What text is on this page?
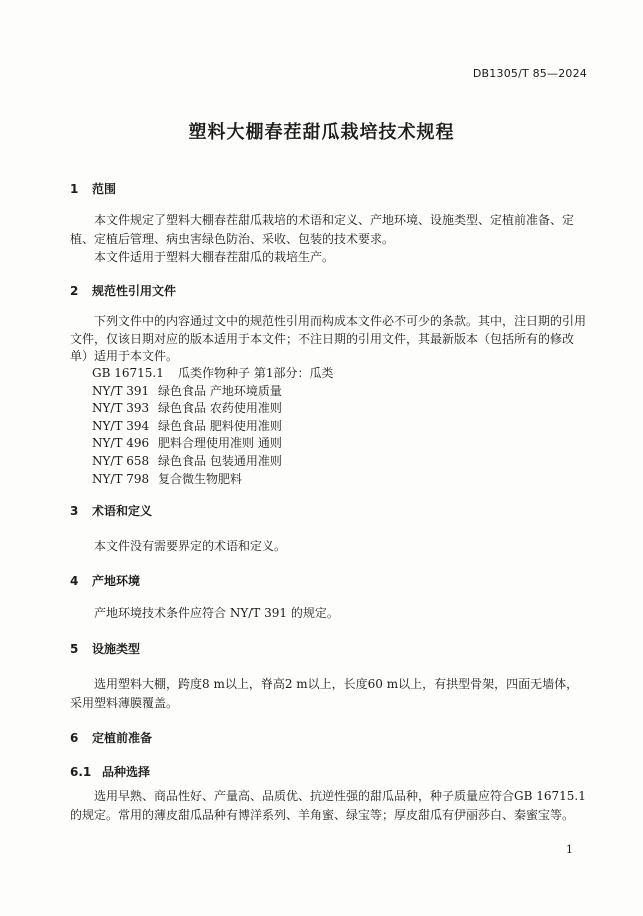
DB1305/T 85—2024
塑料大棚春茬甜瓜栽培技术规程
1	范围
本文件规定了塑料大棚春茬甜瓜栽培的术语和定义、产地环境、设施类型、定植前准备、定植、定植后管理、病虫害绿色防治、采收、包装的技术要求。
本文件适用于塑料大棚春茬甜瓜的栽培生产。
2	规范性引用文件
下列文件中的内容通过文中的规范性引用而构成本文件必不可少的条款。其中，注日期的引用文件，仅该日期对应的版本适用于本文件；不注日期的引用文件，其最新版本（包括所有的修改单）适用于本文件。
GB 16715.1	瓜类作物种子 第1部分：瓜类
NY/T 391 绿色食品 产地环境质量
NY/T 393 绿色食品 农药使用准则
NY/T 394 绿色食品 肥料使用准则
NY/T 496 肥料合理使用准则 通则
NY/T 658 绿色食品 包装通用准则
NY/T 798 复合微生物肥料
3	术语和定义
本文件没有需要界定的术语和定义。
4	产地环境
产地环境技术条件应符合 NY/T 391 的规定。
5	设施类型
选用塑料大棚，跨度8 m以上，脊高2 m以上，长度60 m以上，有拱型骨架，四面无墙体，采用塑料薄膜覆盖。
6	定植前准备
6.1 品种选择
选用早熟、商品性好、产量高、品质优、抗逆性强的甜瓜品种，种子质量应符合GB 16715.1的规定。常用的薄皮甜瓜品种有博洋系列、羊角蜜、绿宝等；厚皮甜瓜有伊丽莎白、秦蜜宝等。
1
